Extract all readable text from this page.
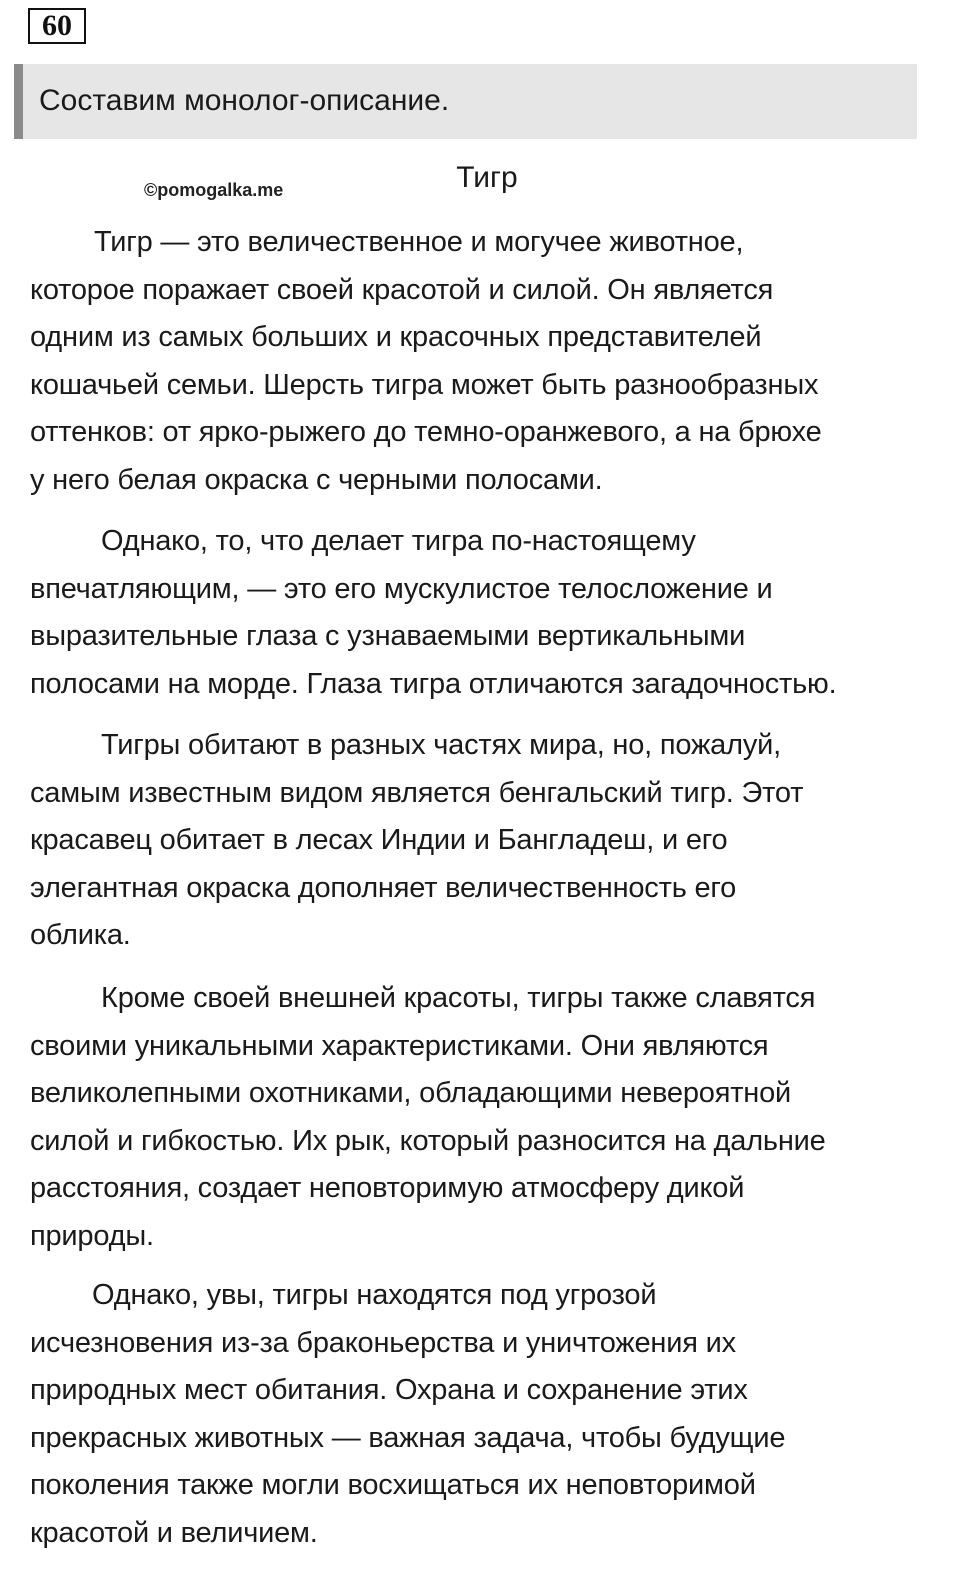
60
Составим монолог-описание.
©pomogalka.me	Тигр

Тигр — это величественное и могучее животное,
которое поражает своей красотой и силой. Он является
одним из самых больших и красочных представителей
кошачьей семьи. Шерсть тигра может быть разнообразных
оттенков: от ярко-рыжего до темно-оранжевого, а на брюхе
у него белая окраска с черными полосами.

Однако, то, что делает тигра по-настоящему
впечатляющим, — это его мускулистое телосложение и
выразительные глаза с узнаваемыми вертикальными
полосами на морде. Глаза тигра отличаются загадочностью.

Тигры обитают в разных частях мира, но, пожалуй,
самым известным видом является бенгальский тигр. Этот
красавец обитает в лесах Индии и Бангладеш, и его
элегантная окраска дополняет величественность его
облика.

Кроме своей внешней красоты, тигры также славятся
своими уникальными характеристиками. Они являются
великолепными охотниками, обладающими невероятной
силой и гибкостью. Их рык, который разносится на дальние
расстояния, создает неповторимую атмосферу дикой
природы.

Однако, увы, тигры находятся под угрозой
исчезновения из-за браконьерства и уничтожения их
природных мест обитания. Охрана и сохранение этих
прекрасных животных — важная задача, чтобы будущие
поколения также могли восхищаться их неповторимой
красотой и величием.
